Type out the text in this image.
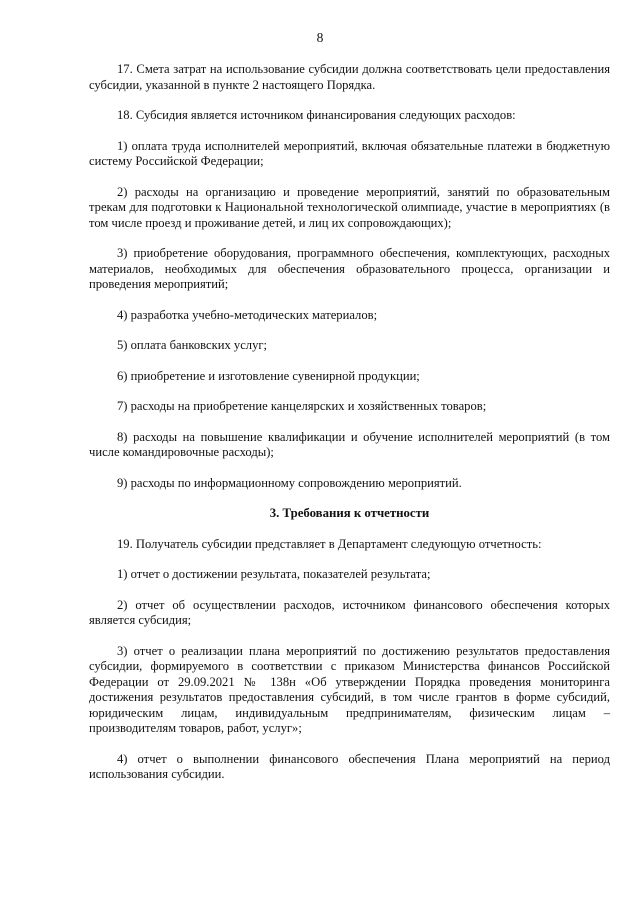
8

17. Смета затрат на использование субсидии должна соответствовать цели предоставления субсидии, указанной в пункте 2 настоящего Порядка.

18. Субсидия является источником финансирования следующих расходов:

1) оплата труда исполнителей мероприятий, включая обязательные платежи в бюджетную систему Российской Федерации;

2) расходы на организацию и проведение мероприятий, занятий по образовательным трекам для подготовки к Национальной технологической олимпиаде, участие в мероприятиях (в том числе проезд и проживание детей, и лиц их сопровождающих);

3) приобретение оборудования, программного обеспечения, комплектующих, расходных материалов, необходимых для обеспечения образовательного процесса, организации и проведения мероприятий;

4) разработка учебно-методических материалов;

5) оплата банковских услуг;

6) приобретение и изготовление сувенирной продукции;

7) расходы на приобретение канцелярских и хозяйственных товаров;

8) расходы на повышение квалификации и обучение исполнителей мероприятий (в том числе командировочные расходы);

9) расходы по информационному сопровождению мероприятий.

3. Требования к отчетности

19. Получатель субсидии представляет в Департамент следующую отчетность:

1) отчет о достижении результата, показателей результата;

2) отчет об осуществлении расходов, источником финансового обеспечения которых является субсидия;

3) отчет о реализации плана мероприятий по достижению результатов предоставления субсидии, формируемого в соответствии с приказом Министерства финансов Российской Федерации от 29.09.2021 № 138н «Об утверждении Порядка проведения мониторинга достижения результатов предоставления субсидий, в том числе грантов в форме субсидий, юридическим лицам, индивидуальным предпринимателям, физическим лицам – производителям товаров, работ, услуг»;

4) отчет о выполнении финансового обеспечения Плана мероприятий на период использования субсидии.
